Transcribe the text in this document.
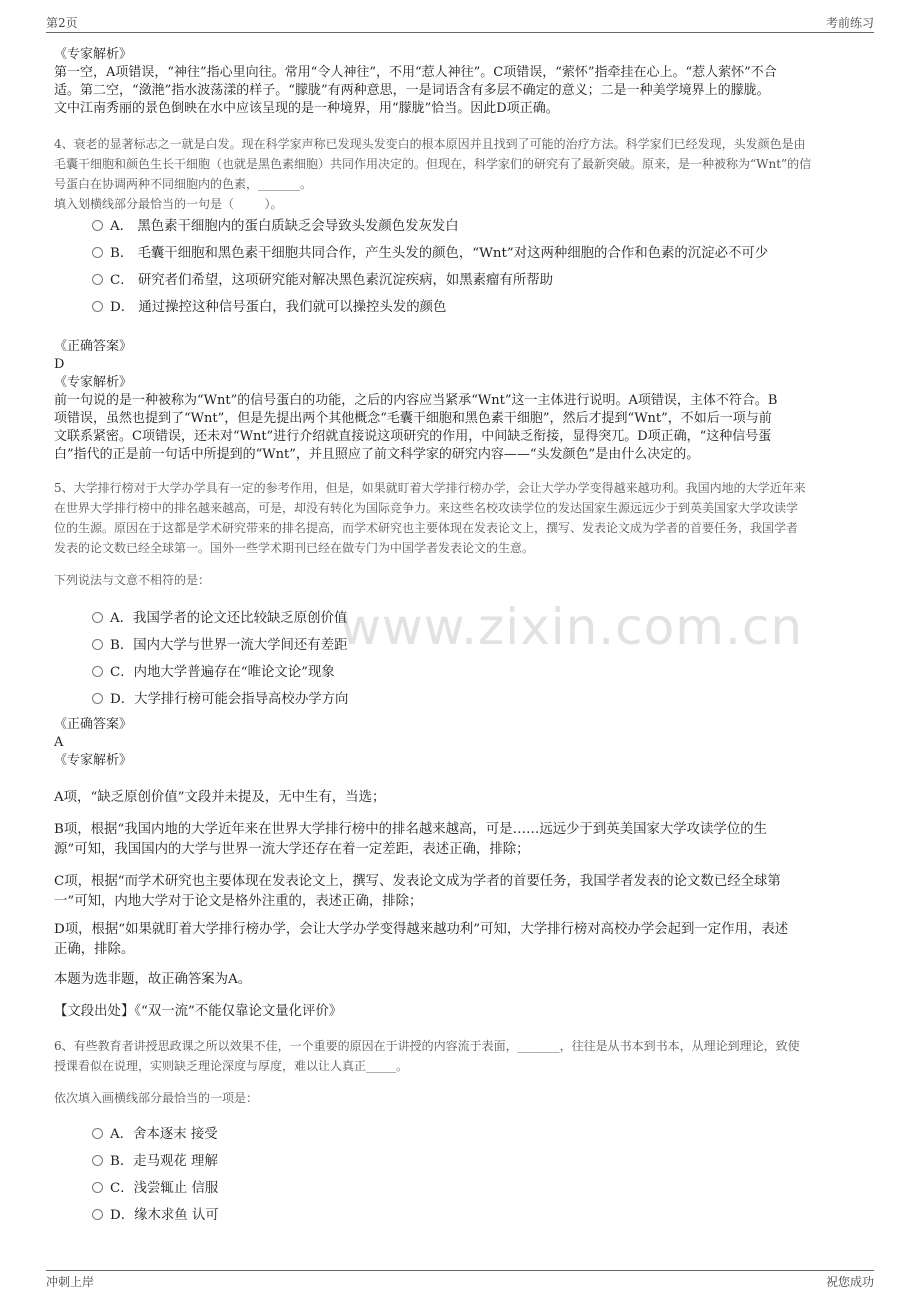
第2页	考前练习
冲刺上岸	祝您成功
www.zixin.com.cn

《专家解析》

第一空，A项错误，“神往”指心里向往。常用“令人神往”，不用“惹人神往”。C项错误，“萦怀”指牵挂在心上。“惹人萦怀”不合

适。第二空，“潋滟”指水波荡漾的样子。“朦胧”有两种意思，一是词语含有多层不确定的意义；二是一种美学境界上的朦胧。

文中江南秀丽的景色倒映在水中应该呈现的是一种境界，用“朦胧”恰当。因此D项正确。

4、衰老的显著标志之一就是白发。现在科学家声称已发现头发变白的根本原因并且找到了可能的治疗方法。科学家们已经发现，头发颜色是由

毛囊干细胞和颜色生长干细胞（也就是黑色素细胞）共同作用决定的。但现在，科学家们的研究有了最新突破。原来，是一种被称为“Wnt”的信

号蛋白在协调两种不同细胞内的色素，_______。

填入划横线部分最恰当的一句是（        ）。

A． 黑色素干细胞内的蛋白质缺乏会导致头发颜色发灰发白
B． 毛囊干细胞和黑色素干细胞共同合作，产生头发的颜色，“Wnt”对这两种细胞的合作和色素的沉淀必不可少
C． 研究者们希望，这项研究能对解决黑色素沉淀疾病，如黑素瘤有所帮助
D． 通过操控这种信号蛋白，我们就可以操控头发的颜色

《正确答案》

D

《专家解析》

前一句说的是一种被称为“Wnt”的信号蛋白的功能，之后的内容应当紧承“Wnt”这一主体进行说明。A项错误，主体不符合。B

项错误，虽然也提到了“Wnt”，但是先提出两个其他概念“毛囊干细胞和黑色素干细胞”，然后才提到“Wnt”，不如后一项与前

文联系紧密。C项错误，还未对“Wnt”进行介绍就直接说这项研究的作用，中间缺乏衔接，显得突兀。D项正确，“这种信号蛋

白”指代的正是前一句话中所提到的“Wnt”，并且照应了前文科学家的研究内容——“头发颜色”是由什么决定的。

5、大学排行榜对于大学办学具有一定的参考作用，但是，如果就盯着大学排行榜办学，会让大学办学变得越来越功利。我国内地的大学近年来

在世界大学排行榜中的排名越来越高，可是，却没有转化为国际竞争力。来这些名校攻读学位的发达国家生源远远少于到英美国家大学攻读学

位的生源。原因在于这都是学术研究带来的排名提高，而学术研究也主要体现在发表论文上，撰写、发表论文成为学者的首要任务，我国学者

发表的论文数已经全球第一。国外一些学术期刊已经在做专门为中国学者发表论文的生意。

下列说法与文意不相符的是：
A．我国学者的论文还比较缺乏原创价值
B．国内大学与世界一流大学间还有差距
C．内地大学普遍存在“唯论文论”现象
D．大学排行榜可能会指导高校办学方向

《正确答案》

A

《专家解析》

A项，“缺乏原创价值”文段并未提及，无中生有，当选；
B项，根据“我国内地的大学近年来在世界大学排行榜中的排名越来越高，可是……远远少于到英美国家大学攻读学位的生
源”可知，我国国内的大学与世界一流大学还存在着一定差距，表述正确，排除；
C项，根据“而学术研究也主要体现在发表论文上，撰写、发表论文成为学者的首要任务，我国学者发表的论文数已经全球第
一”可知，内地大学对于论文是格外注重的，表述正确，排除；
D项，根据“如果就盯着大学排行榜办学，会让大学办学变得越来越功利”可知，大学排行榜对高校办学会起到一定作用，表述
正确，排除。
本题为选非题，故正确答案为A。
【文段出处】《“双一流”不能仅靠论文量化评价》

6、有些教育者讲授思政课之所以效果不佳，一个重要的原因在于讲授的内容流于表面，_______，往往是从书本到书本，从理论到理论，致使

授课看似在说理，实则缺乏理论深度与厚度，难以让人真正_____。

依次填入画横线部分最恰当的一项是：
A．舍本逐末 接受
B．走马观花 理解
C．浅尝辄止 信服
D．缘木求鱼 认可
